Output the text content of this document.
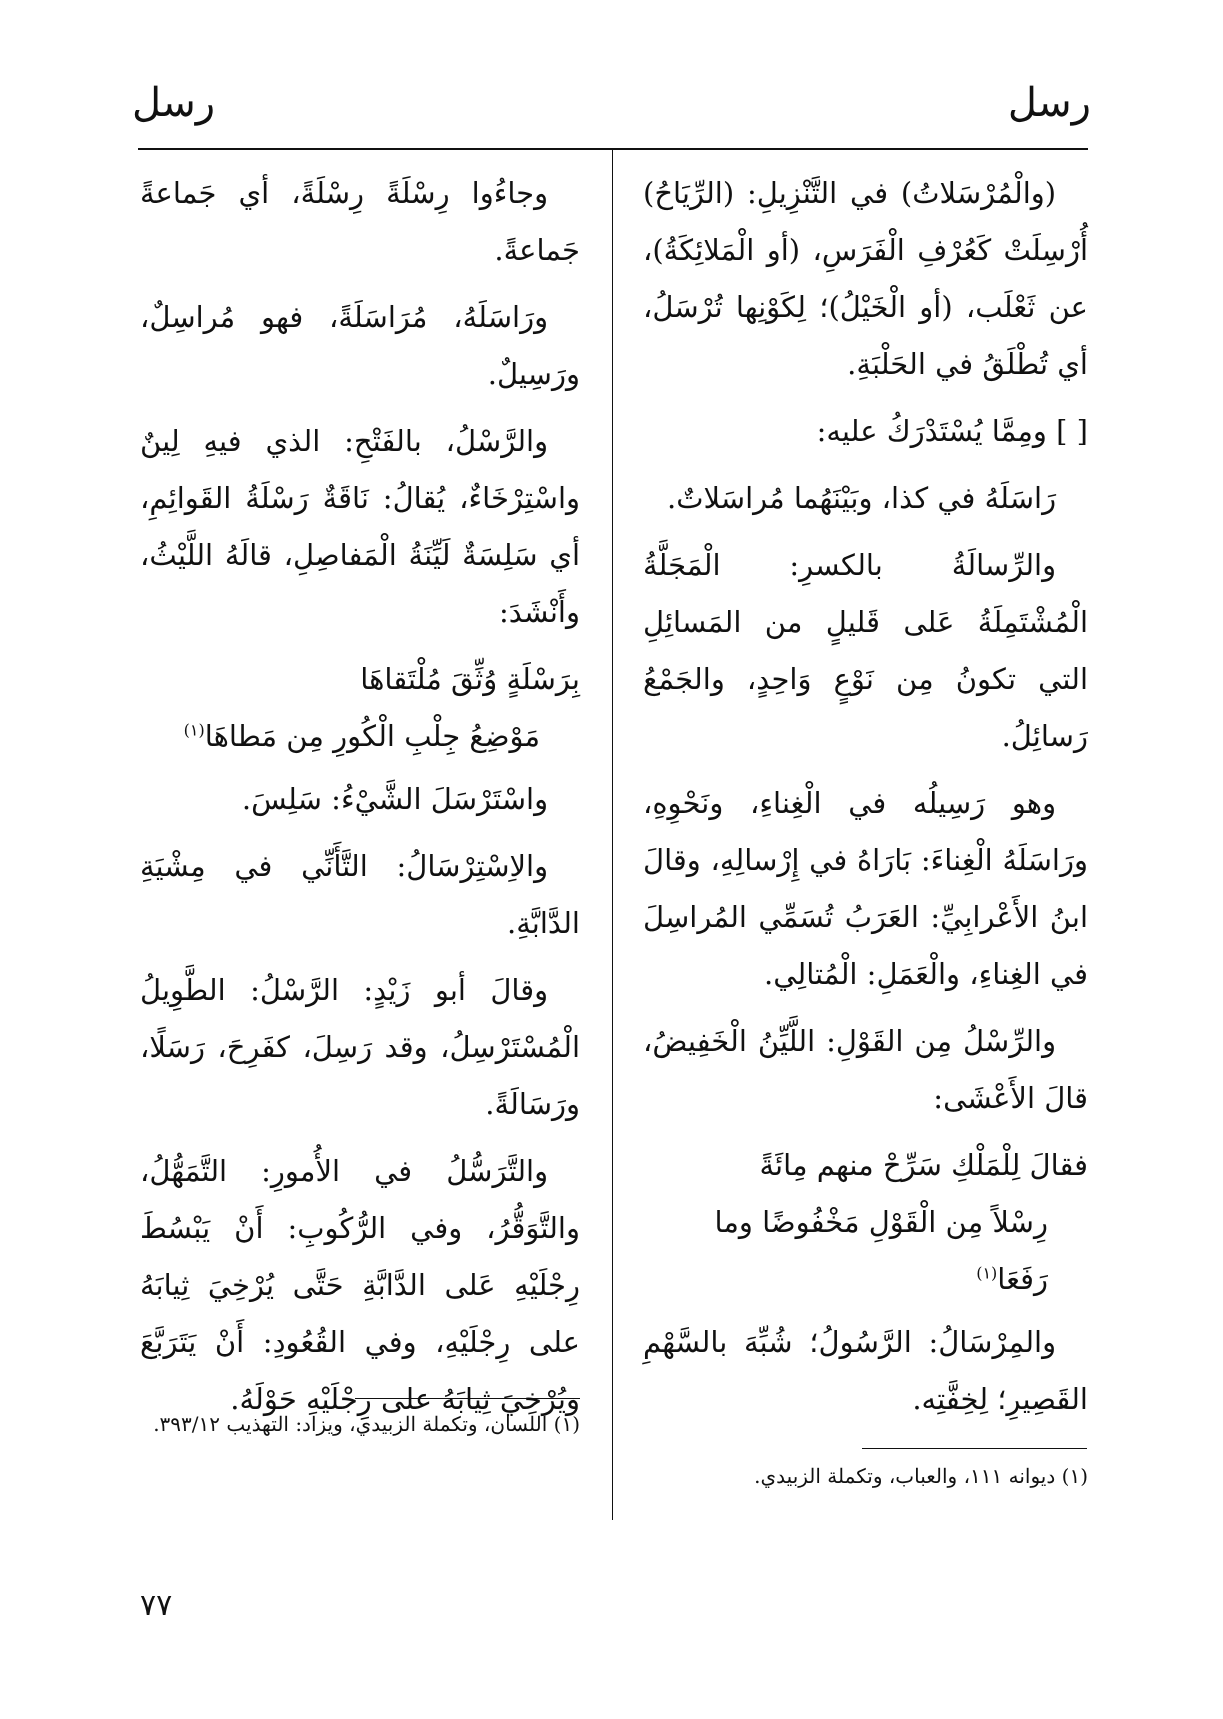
رسل
رسل

(والْمُرْسَلاتُ) في التَّنْزِيلِ: (الرِّيَاحُ) أُرْسِلَتْ كَعُرْفِ الْفَرَسِ، (أو الْمَلائِكَةُ)، عن ثَعْلَب، (أو الْخَيْلُ)؛ لِكَوْنِها تُرْسَلُ، أي تُطْلَقُ في الحَلْبَةِ.

[ ] ومِمَّا يُسْتَدْرَكُ عليه:

رَاسَلَهُ في كذا، وبَيْنَهُما مُراسَلاتٌ.

والرِّسالَةُ بالكسرِ: الْمَجَلَّةُ الْمُشْتَمِلَةُ عَلى قَليلٍ من المَسائِلِ التي تكونُ مِن نَوْعٍ وَاحِدٍ، والجَمْعُ رَسائِلُ.

وهو رَسِيلُه في الْغِناءِ، ونَحْوِهِ، ورَاسَلَهُ الْغِناءَ: بَارَاهُ في إِرْسالِهِ، وقالَ ابنُ الأَعْرابِيِّ: العَرَبُ تُسَمِّي المُراسِلَ في الغِناءِ، والْعَمَلِ: الْمُتالِي.

والرِّسْلُ مِن القَوْلِ: اللَّيِّنُ الْخَفِيضُ، قالَ الأَعْشَى:

فقالَ لِلْمَلْكِ سَرِّحْ منهم مِائَةً
رِسْلاً مِن الْقَوْلِ مَخْفُوضًا وما رَفَعَا$^{(١)}$

والمِرْسَالُ: الرَّسُولُ؛ شُبِّهَ بالسَّهْمِ القَصِيرِ؛ لِخِفَّتِه.

وجاءُوا رِسْلَةً رِسْلَةً، أي جَماعةً جَماعةً.

ورَاسَلَهُ، مُرَاسَلَةً، فهو مُراسِلٌ، ورَسِيلٌ.

والرَّسْلُ، بالفَتْحِ: الذي فيهِ لِينٌ واسْتِرْخَاءٌ، يُقالُ: نَاقَةٌ رَسْلَةُ القَوائِمِ، أي سَلِسَةٌ لَيِّنَةُ الْمَفاصِلِ، قالَهُ اللَّيْثُ، وأَنْشَدَ:

بِرَسْلَةٍ وُثِّقَ مُلْتَقاهَا
مَوْضِعُ جِلْبِ الْكُورِ مِن مَطاهَا$^{(١)}$

واسْتَرْسَلَ الشَّيْءُ: سَلِسَ.

والاِسْتِرْسَالُ: التَّأَنِّي في مِشْيَةِ الدَّابَّةِ.

وقالَ أبو زَيْدٍ: الرَّسْلُ: الطَّوِيلُ الْمُسْتَرْسِلُ، وقد رَسِلَ، كفَرِحَ، رَسَلًا، ورَسَالَةً.

والتَّرَسُّلُ في الأُمورِ: التَّمَهُّلُ، والتَّوَقُّرُ، وفي الرُّكُوبِ: أَنْ يَبْسُطَ رِجْلَيْهِ عَلى الدَّابَّةِ حَتَّى يُرْخِيَ ثِيابَهُ على رِجْلَيْهِ، وفي القُعُودِ: أَنْ يَتَرَبَّعَ ويُرْخِيَ ثِيابَهُ على رِجْلَيْهِ حَوْلَهُ.

(١) ديوانه ١١١، والعباب، وتكملة الزبيدي.
(١) اللسان، وتكملة الزبيدي، ويزاد: التهذيب ٣٩٣/١٢.
٧٧
